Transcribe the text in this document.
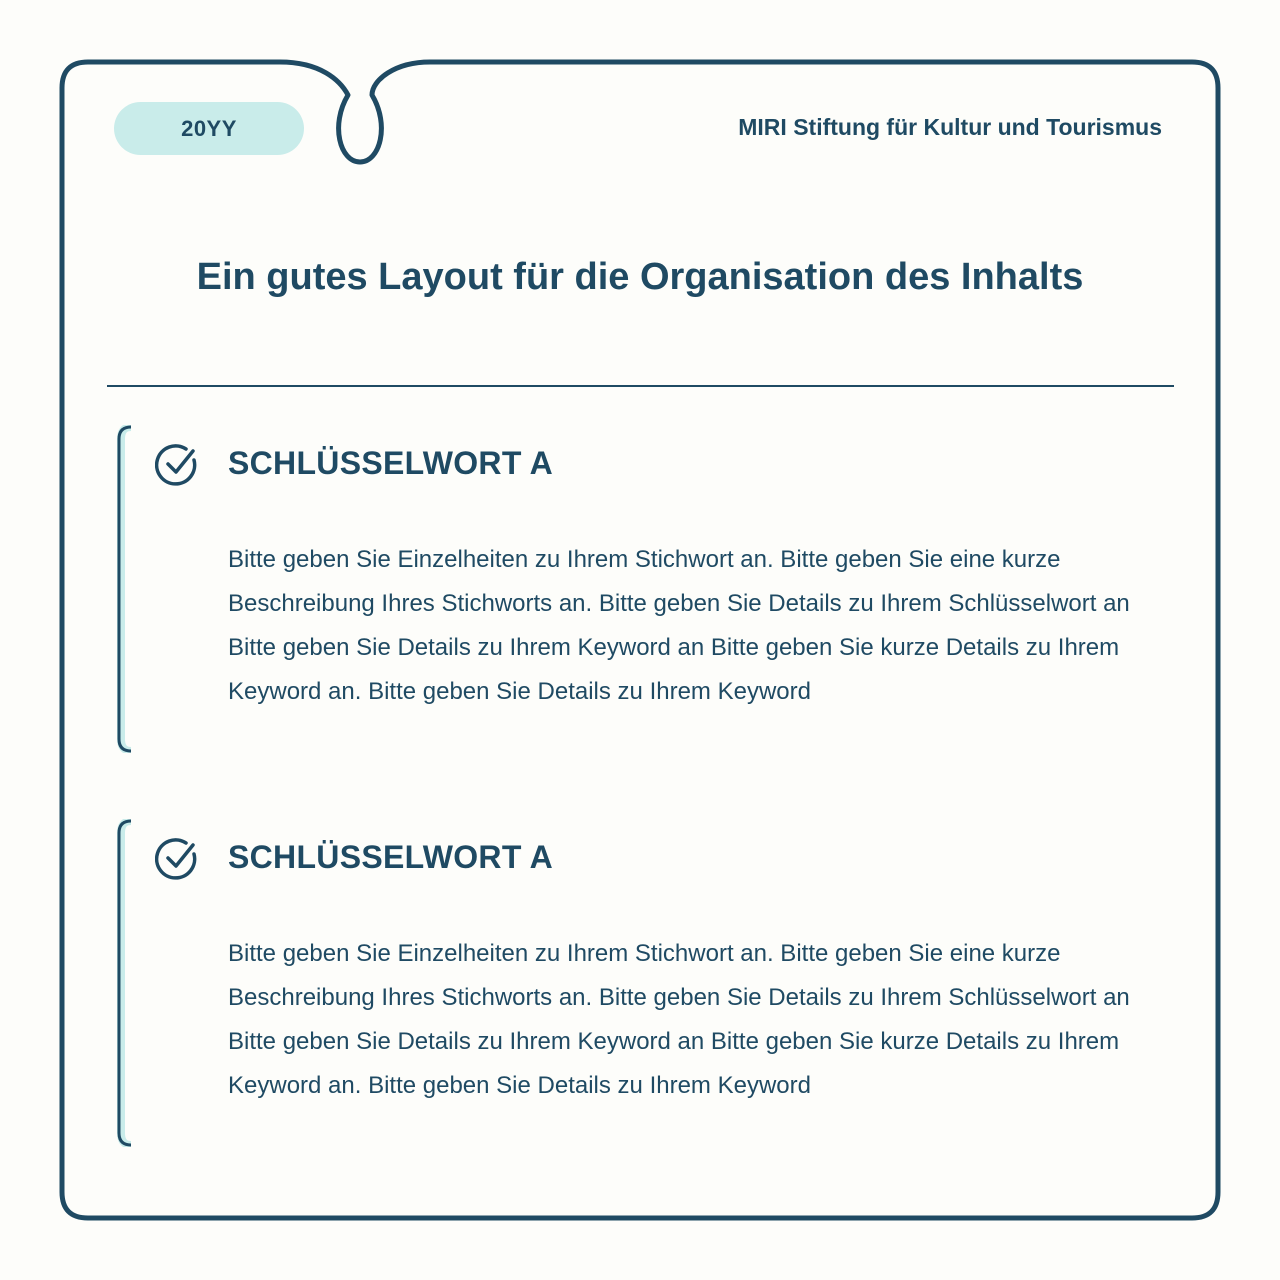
20YY	MIRI Stiftung für Kultur und Tourismus
Ein gutes Layout für die Organisation des Inhalts
SCHLÜSSELWORT A
Bitte geben Sie Einzelheiten zu Ihrem Stichwort an. Bitte geben Sie eine kurze Beschreibung Ihres Stichworts an. Bitte geben Sie Details zu Ihrem Schlüsselwort an Bitte geben Sie Details zu Ihrem Keyword an Bitte geben Sie kurze Details zu Ihrem Keyword an. Bitte geben Sie Details zu Ihrem Keyword
SCHLÜSSELWORT A
Bitte geben Sie Einzelheiten zu Ihrem Stichwort an. Bitte geben Sie eine kurze Beschreibung Ihres Stichworts an. Bitte geben Sie Details zu Ihrem Schlüsselwort an Bitte geben Sie Details zu Ihrem Keyword an Bitte geben Sie kurze Details zu Ihrem Keyword an. Bitte geben Sie Details zu Ihrem Keyword
